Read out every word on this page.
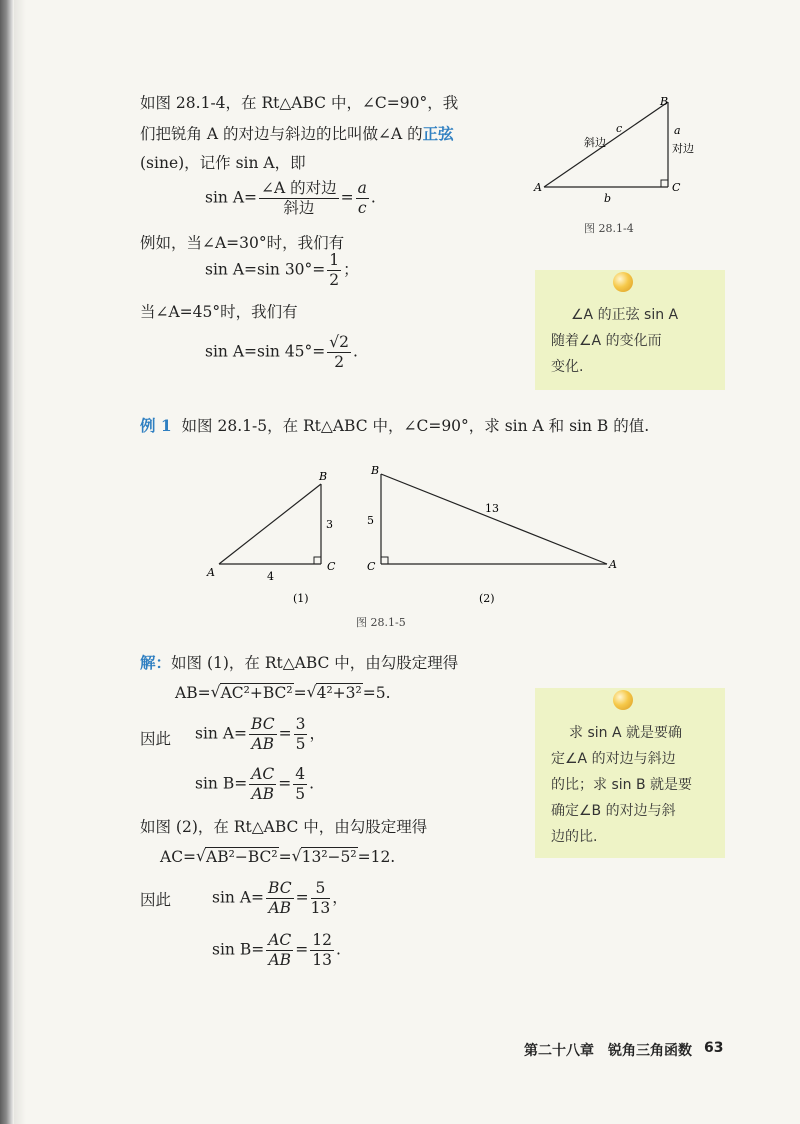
如图 28.1-4，在 Rt△ABC 中，∠C=90°，我
们把锐角 A 的对边与斜边的比叫做∠A 的正弦
(sine)，记作 sin A，即
$\sin A= \frac{\text{∠A 的对边}}{\text{斜边}} = \frac{a}{c}$ .
例如，当∠A=30°时，我们有
sin A=sin $30^\circ= \frac{1}{2}$ ；
当∠A=45°时，我们有
sin A=sin $45^\circ= \frac{√2}{2}$ .
B
A	C
c
斜边
a
对边
b
图 28.1-4
∠A 的正弦 sin A
随着∠A 的变化而
变化.
例 1 如图 28.1-5，在 Rt△ABC 中，∠C=90°，求 sin A 和 sin B 的值.
B
A	C
4
3
(1)
B
C	A
5
13
(2)
图 28.1-5
解：如图 (1)，在 Rt△ABC 中，由勾股定理得
AB= √ AC²+BC²= √ 4²+3²=5.
因此 $\sin A= \frac{BC}{AB} = \frac{3}{5}$ ，
$\sin B= \frac{AC}{AB} = \frac{4}{5}$ .
如图 (2)，在 Rt△ABC 中，由勾股定理得
AC= √ AB²−BC²= √ 13²−5²=12.
因此	$\sin A= \frac{BC}{AB} = \frac{5}{13}$ ，
$\sin B= \frac{AC}{AB} = \frac{12}{13}$ .
求 sin A 就是要确
定∠A 的对边与斜边
的比；求 sin B 就是要
确定∠B 的对边与斜
边的比.
第二十八章　锐角三角函数 63
